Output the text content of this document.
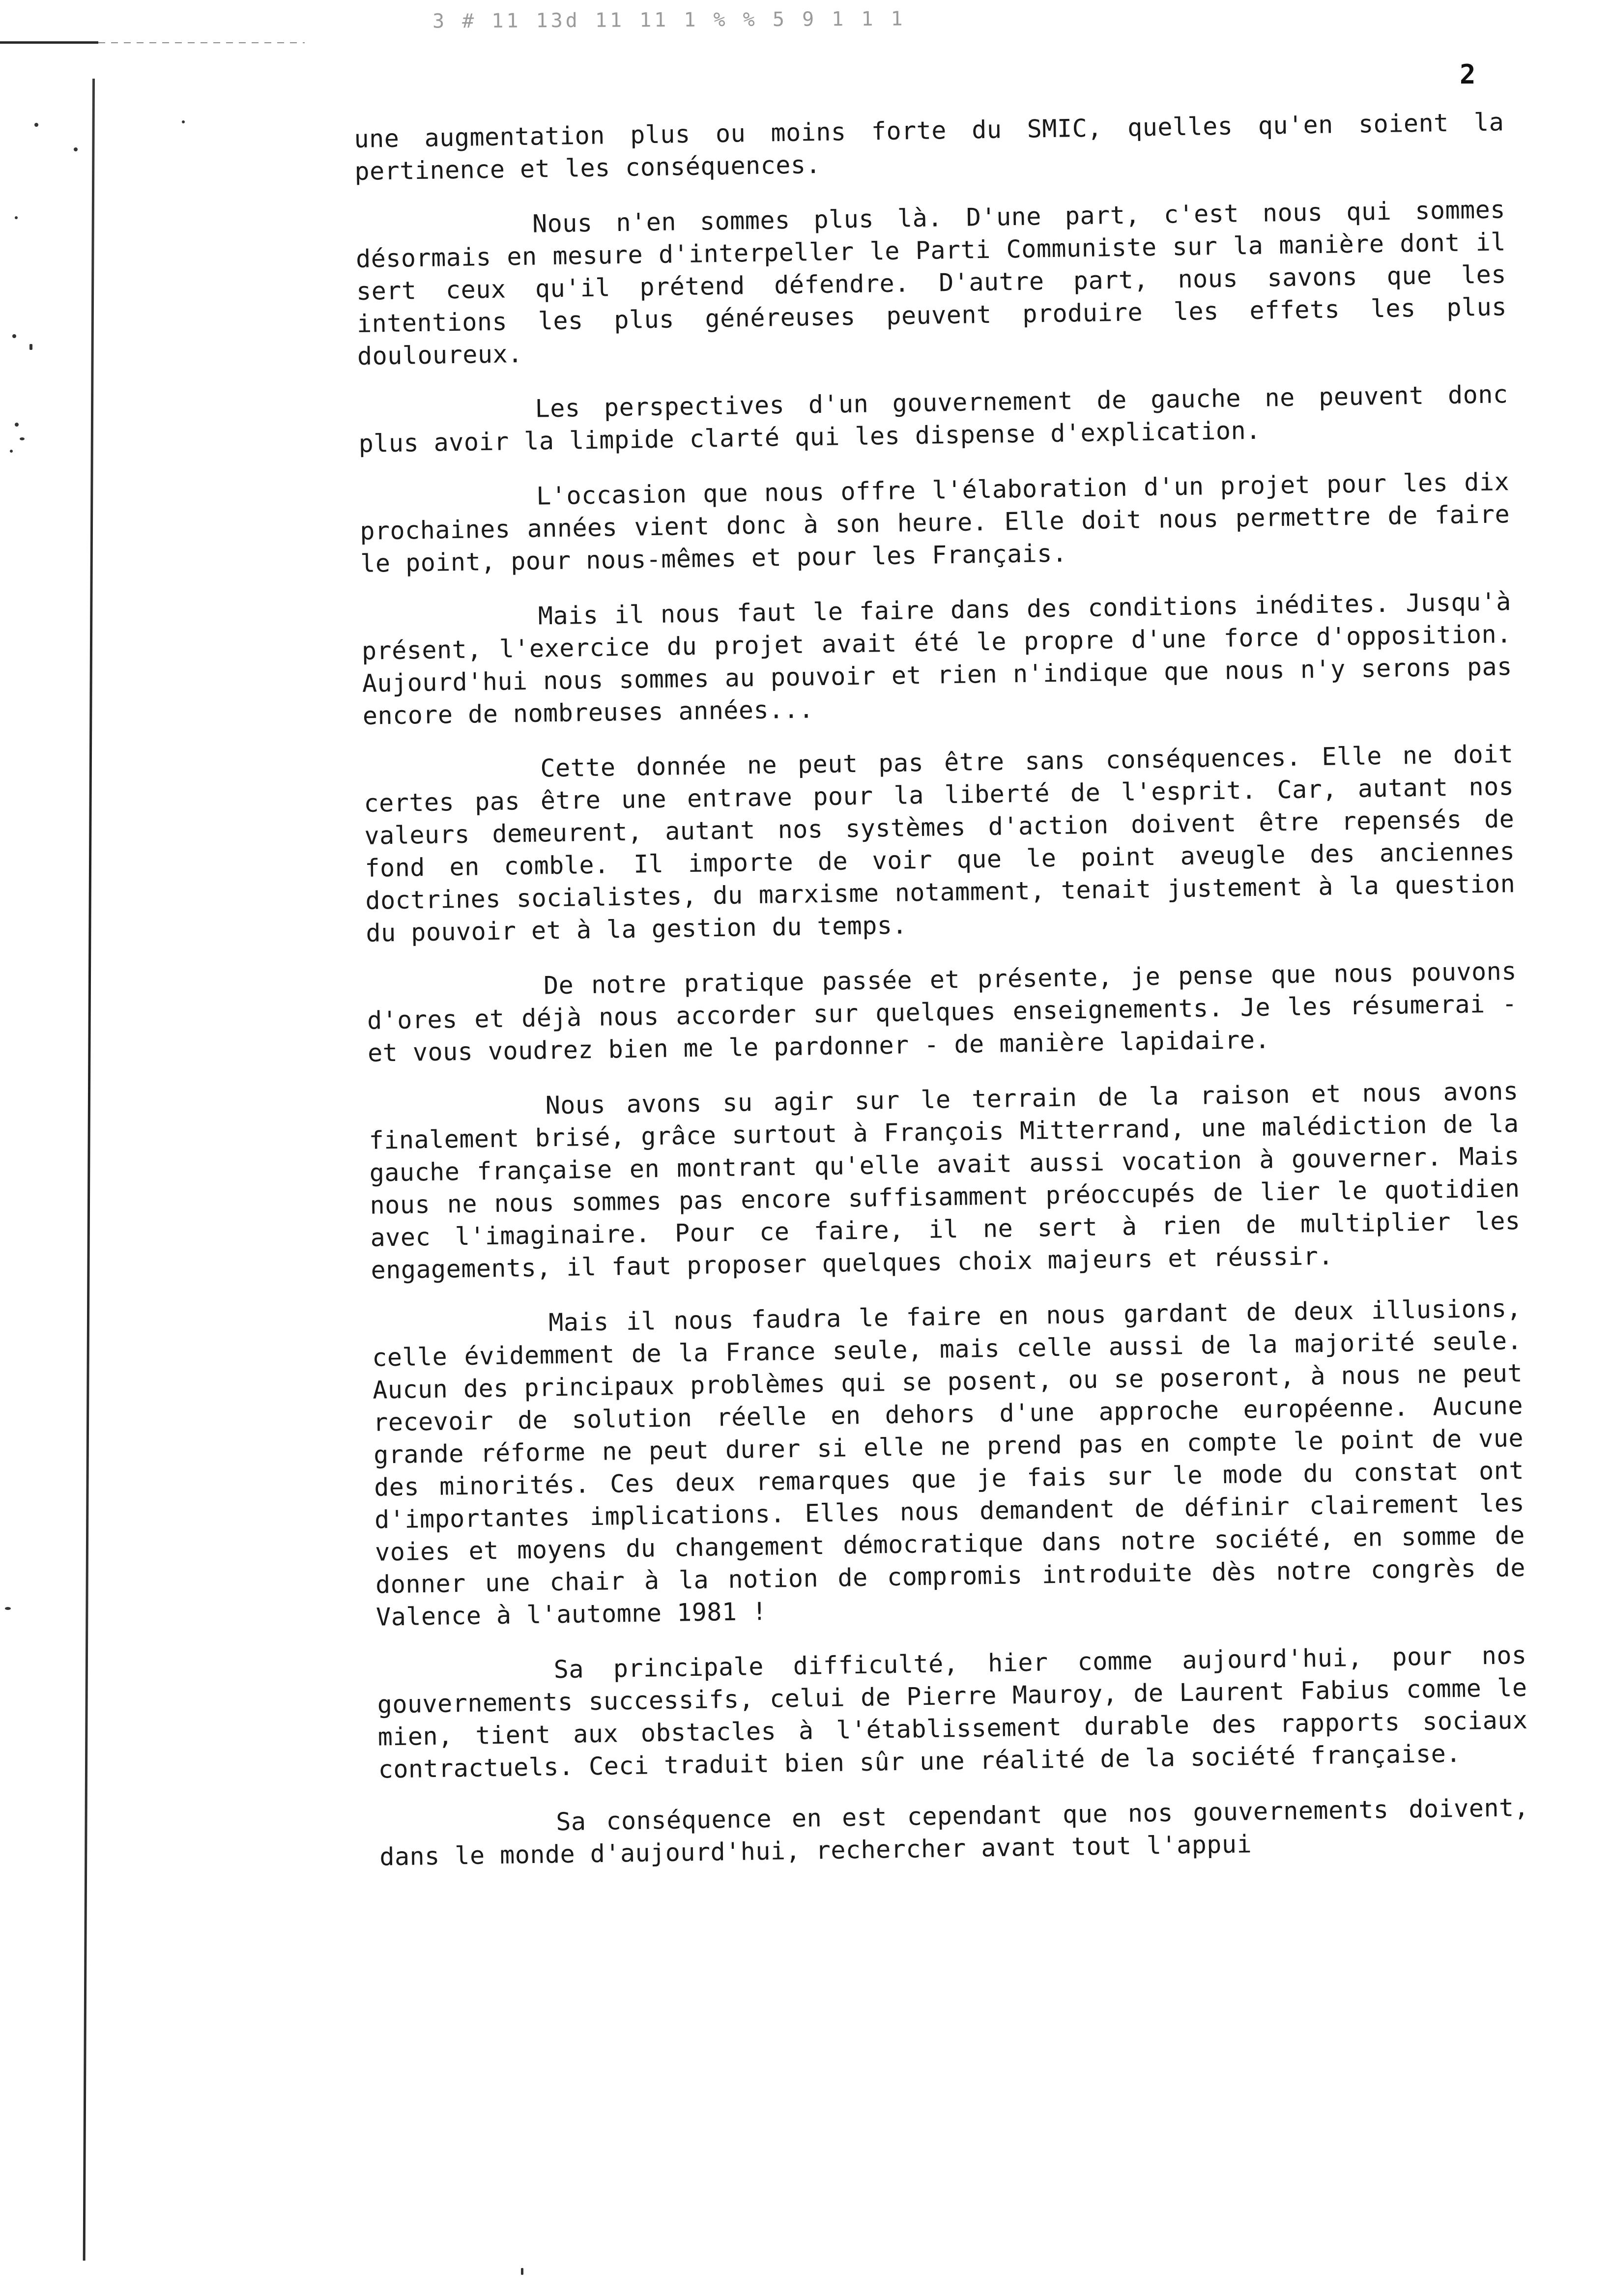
3 # 11 13d 11 11 1 % % 5 9 1 1 1
2

une augmentation plus ou moins forte du SMIC, quelles qu'en soient la pertinence et les conséquences.

Nous n'en sommes plus là. D'une part, c'est nous qui sommes désormais en mesure d'interpeller le Parti Communiste sur la manière dont il sert ceux qu'il prétend défendre. D'autre part, nous savons que les intentions les plus généreuses peuvent produire les effets les plus douloureux.

Les perspectives d'un gouvernement de gauche ne peuvent donc plus avoir la limpide clarté qui les dispense d'explication.

L'occasion que nous offre l'élaboration d'un projet pour les dix prochaines années vient donc à son heure. Elle doit nous permettre de faire le point, pour nous-mêmes et pour les Français.

Mais il nous faut le faire dans des conditions inédites. Jusqu'à présent, l'exercice du projet avait été le propre d'une force d'opposition. Aujourd'hui nous sommes au pouvoir et rien n'indique que nous n'y serons pas encore de nombreuses années...

Cette donnée ne peut pas être sans conséquences. Elle ne doit certes pas être une entrave pour la liberté de l'esprit. Car, autant nos valeurs demeurent, autant nos systèmes d'action doivent être repensés de fond en comble. Il importe de voir que le point aveugle des anciennes doctrines socialistes, du marxisme notamment, tenait justement à la question du pouvoir et à la gestion du temps.

De notre pratique passée et présente, je pense que nous pouvons d'ores et déjà nous accorder sur quelques enseignements. Je les résumerai - et vous voudrez bien me le pardonner - de manière lapidaire.

Nous avons su agir sur le terrain de la raison et nous avons finalement brisé, grâce surtout à François Mitterrand, une malédiction de la gauche française en montrant qu'elle avait aussi vocation à gouverner. Mais nous ne nous sommes pas encore suffisamment préoccupés de lier le quotidien avec l'imaginaire. Pour ce faire, il ne sert à rien de multiplier les engagements, il faut proposer quelques choix majeurs et réussir.

Mais il nous faudra le faire en nous gardant de deux illusions, celle évidemment de la France seule, mais celle aussi de la majorité seule. Aucun des principaux problèmes qui se posent, ou se poseront, à nous ne peut recevoir de solution réelle en dehors d'une approche européenne. Aucune grande réforme ne peut durer si elle ne prend pas en compte le point de vue des minorités. Ces deux remarques que je fais sur le mode du constat ont d'importantes implications. Elles nous demandent de définir clairement les voies et moyens du changement démocratique dans notre société, en somme de donner une chair à la notion de compromis introduite dès notre congrès de Valence à l'automne 1981 !

Sa principale difficulté, hier comme aujourd'hui, pour nos gouvernements successifs, celui de Pierre Mauroy, de Laurent Fabius comme le mien, tient aux obstacles à l'établissement durable des rapports sociaux contractuels. Ceci traduit bien sûr une réalité de la société française.

Sa conséquence en est cependant que nos gouvernements doivent, dans le monde d'aujourd'hui, rechercher avant tout l'appui
